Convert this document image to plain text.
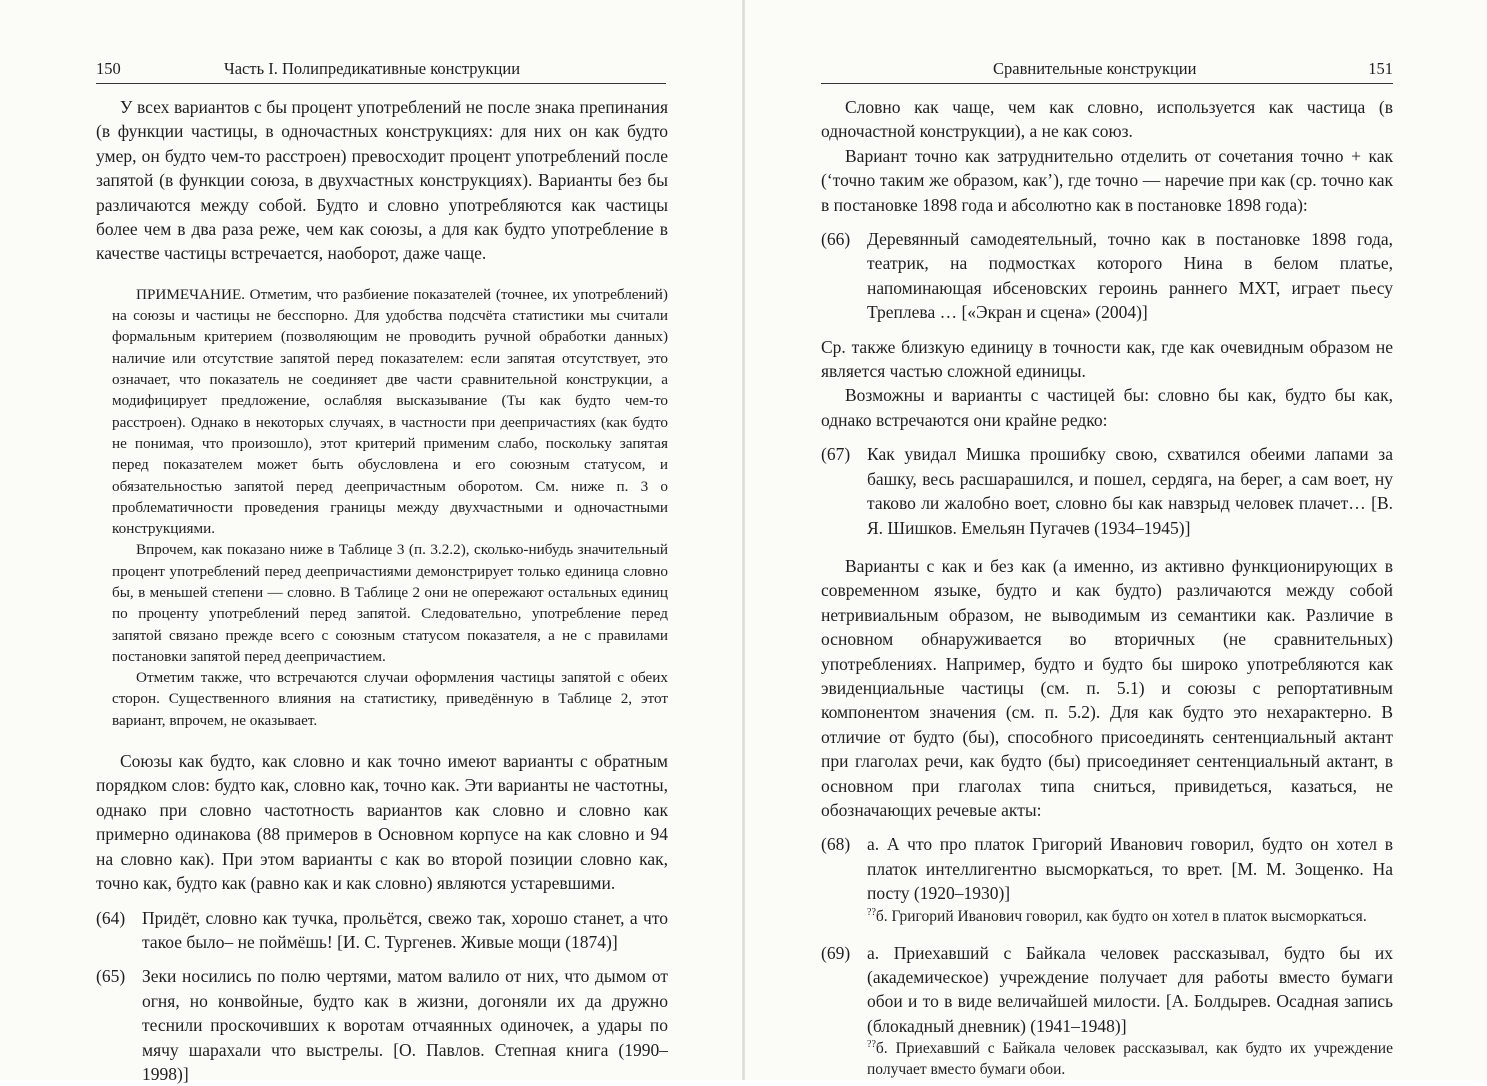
150	Часть I. Полипредикативные конструкции

У всех вариантов с бы процент употреблений не после знака препинания (в функции частицы, в одночастных конструкциях: для них он как будто умер, он будто чем-то расстроен) превосходит процент употреблений после запятой (в функции союза, в двухчастных конструкциях). Варианты без бы различаются между собой. Будто и словно употребляются как частицы более чем в два раза реже, чем как союзы, а для как будто употребление в качестве частицы встречается, наоборот, даже чаще.

ПРИМЕЧАНИЕ. Отметим, что разбиение показателей (точнее, их употреблений) на союзы и частицы не бесспорно. Для удобства подсчёта статистики мы считали формальным критерием (позволяющим не проводить ручной обработки данных) наличие или отсутствие запятой перед показателем: если запятая отсутствует, это означает, что показатель не соединяет две части сравнительной конструкции, а модифицирует предложение, ослабляя высказывание (Ты как будто чем-то расстроен). Однако в некоторых случаях, в частности при деепричастиях (как будто не понимая, что произошло), этот критерий применим слабо, поскольку запятая перед показателем может быть обусловлена и его союзным статусом, и обязательностью запятой перед деепричастным оборотом. См. ниже п. 3 о проблематичности проведения границы между двухчастными и одночастными конструкциями.

Впрочем, как показано ниже в Таблице 3 (п. 3.2.2), сколько-нибудь значительный процент употреблений перед деепричастиями демонстрирует только единица словно бы, в меньшей степени — словно. В Таблице 2 они не опережают остальных единиц по проценту употреблений перед запятой. Следовательно, употребление перед запятой связано прежде всего с союзным статусом показателя, а не с правилами постановки запятой перед деепричастием.

Отметим также, что встречаются случаи оформления частицы запятой с обеих сторон. Существенного влияния на статистику, приведённую в Таблице 2, этот вариант, впрочем, не оказывает.

Союзы как будто, как словно и как точно имеют варианты с обратным порядком слов: будто как, словно как, точно как. Эти варианты не частотны, однако при словно частотность вариантов как словно и словно как примерно одинакова (88 примеров в Основном корпусе на как словно и 94 на словно как). При этом варианты с как во второй позиции словно как, точно как, будто как (равно как и как словно) являются устаревшими.

(64) Придёт, словно как тучка, прольётся, свежо так, хорошо станет, а что такое было– не поймёшь! [И. С. Тургенев. Живые мощи (1874)]
(65) Зеки носились по полю чертями, матом валило от них, что дымом от огня, но конвойные, будто как в жизни, догоняли их да дружно теснили проскочивших к воротам отчаянных одиночек, а удары по мячу шарахали что выстрелы. [О. Павлов. Степная книга (1990–1998)]
Сравнительные конструкции	151

Словно как чаще, чем как словно, используется как частица (в одночастной конструкции), а не как союз.

Вариант точно как затруднительно отделить от сочетания точно + как (‘точно таким же образом, как’), где точно — наречие при как (ср. точно как в постановке 1898 года и абсолютно как в постановке 1898 года):

(66) Деревянный самодеятельный, точно как в постановке 1898 года, театрик, на подмостках которого Нина в белом платье, напоминающая ибсеновских героинь раннего МХТ, играет пьесу Треплева … [«Экран и сцена» (2004)]

Ср. также близкую единицу в точности как, где как очевидным образом не является частью сложной единицы.

Возможны и варианты с частицей бы: словно бы как, будто бы как, однако встречаются они крайне редко:

(67) Как увидал Мишка прошибку свою, схватился обеими лапами за башку, весь расшарашился, и пошел, сердяга, на берег, а сам воет, ну таково ли жалобно воет, словно бы как навзрыд человек плачет… [В. Я. Шишков. Емельян Пугачев (1934–1945)]

Варианты с как и без как (а именно, из активно функционирующих в современном языке, будто и как будто) различаются между собой нетривиальным образом, не выводимым из семантики как. Различие в основном обнаруживается во вторичных (не сравнительных) употреблениях. Например, будто и будто бы широко употребляются как эвиденциальные частицы (см. п. 5.1) и союзы с репортативным компонентом значения (см. п. 5.2). Для как будто это нехарактерно. В отличие от будто (бы), способного присоединять сентенциальный актант при глаголах речи, как будто (бы) присоединяет сентенциальный актант, в основном при глаголах типа сниться, привидеться, казаться, не обозначающих речевые акты:

(68) а. А что про платок Григорий Иванович говорил, будто он хотел в платок интеллигентно высморкаться, то врет. [М. М. Зощенко. На посту (1920–1930)]
??б. Григорий Иванович говорил, как будто он хотел в платок высморкаться.
(69) а. Приехавший с Байкала человек рассказывал, будто бы их (академическое) учреждение получает для работы вместо бумаги обои и то в виде величайшей милости. [А. Болдырев. Осадная запись (блокадный дневник) (1941–1948)]
??б. Приехавший с Байкала человек рассказывал, как будто их учреждение получает вместо бумаги обои.
